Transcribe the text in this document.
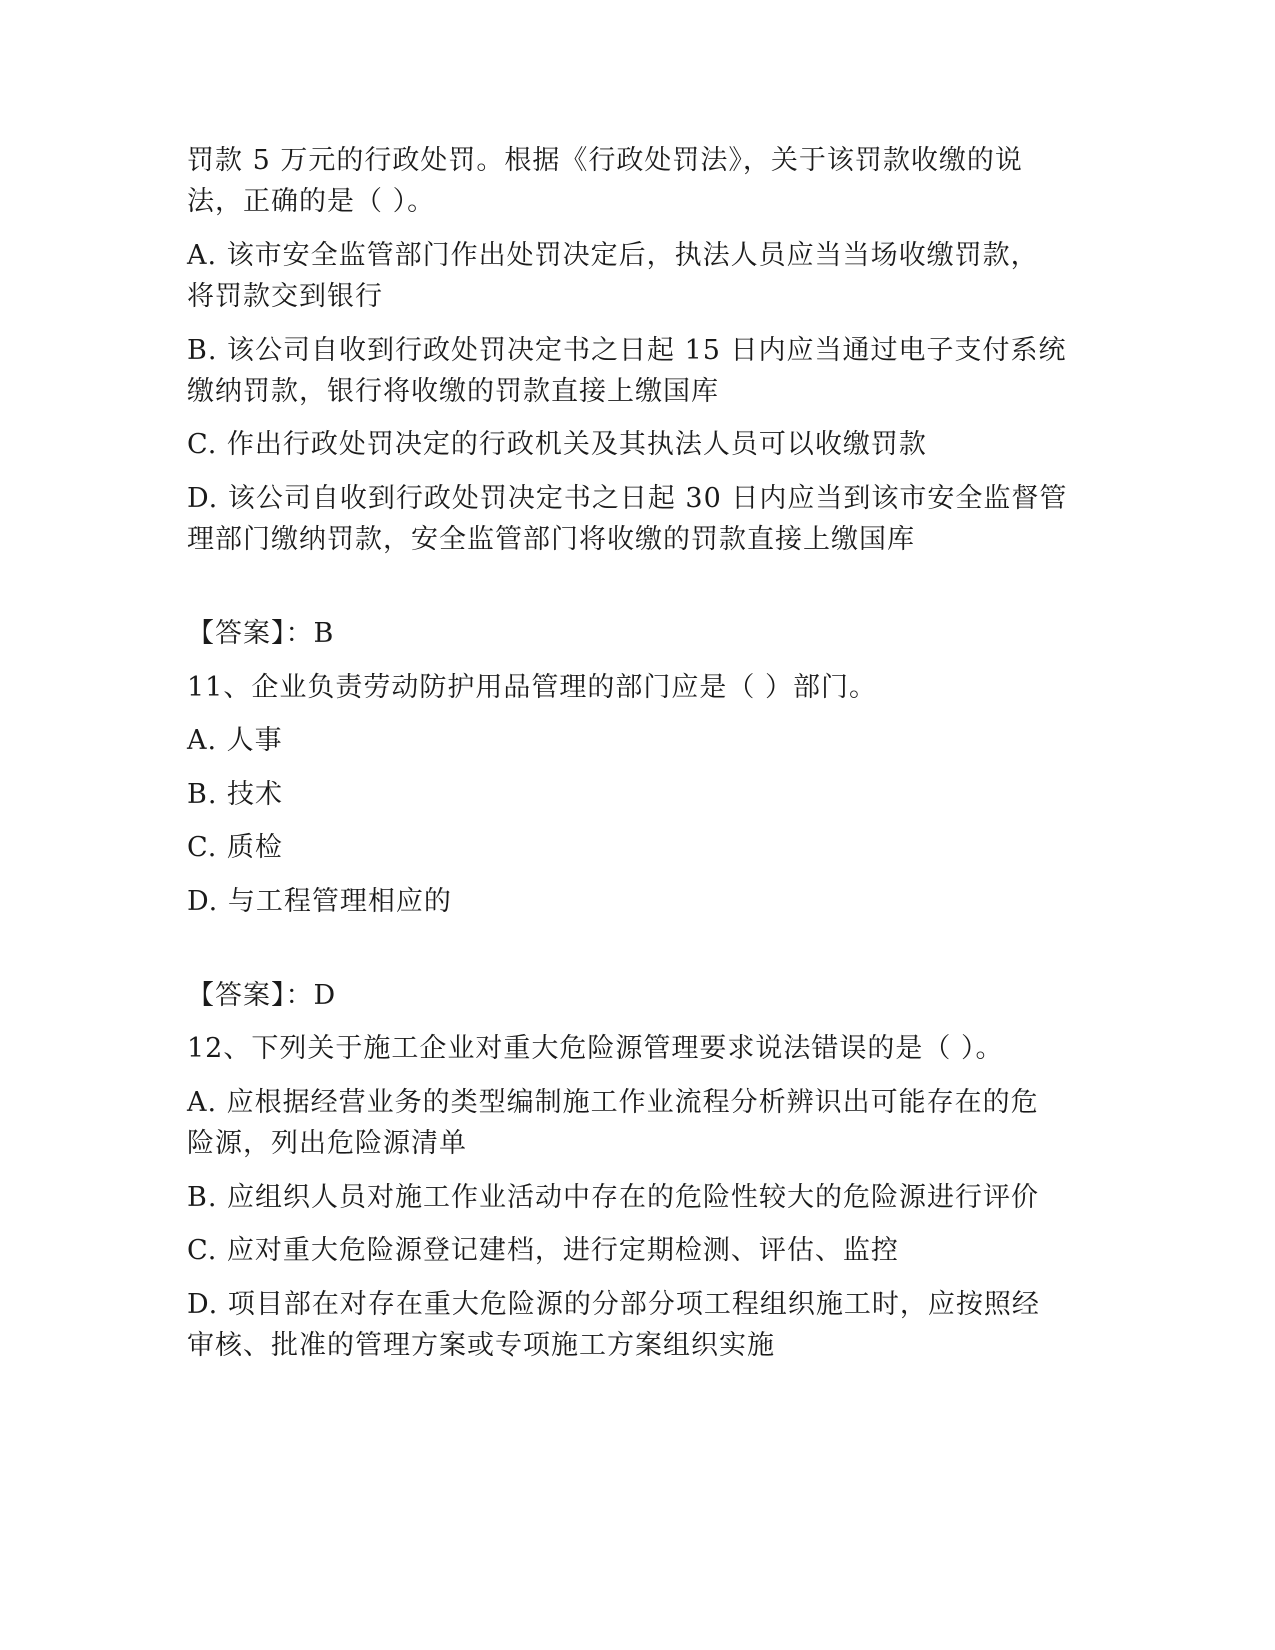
罚款 5 万元的行政处罚。根据《行政处罚法》，关于该罚款收缴的说
法，正确的是（ ）。
A. 该市安全监管部门作出处罚决定后，执法人员应当当场收缴罚款，
将罚款交到银行
B. 该公司自收到行政处罚决定书之日起 15 日内应当通过电子支付系统
缴纳罚款，银行将收缴的罚款直接上缴国库
C. 作出行政处罚决定的行政机关及其执法人员可以收缴罚款
D. 该公司自收到行政处罚决定书之日起 30 日内应当到该市安全监督管
理部门缴纳罚款，安全监管部门将收缴的罚款直接上缴国库
【答案】：B
11、企业负责劳动防护用品管理的部门应是（ ）部门。
A. 人事
B. 技术
C. 质检
D. 与工程管理相应的
【答案】：D
12、下列关于施工企业对重大危险源管理要求说法错误的是（ ）。
A. 应根据经营业务的类型编制施工作业流程分析辨识出可能存在的危
险源，列出危险源清单
B. 应组织人员对施工作业活动中存在的危险性较大的危险源进行评价
C. 应对重大危险源登记建档，进行定期检测、评估、监控
D. 项目部在对存在重大危险源的分部分项工程组织施工时，应按照经
审核、批准的管理方案或专项施工方案组织实施
